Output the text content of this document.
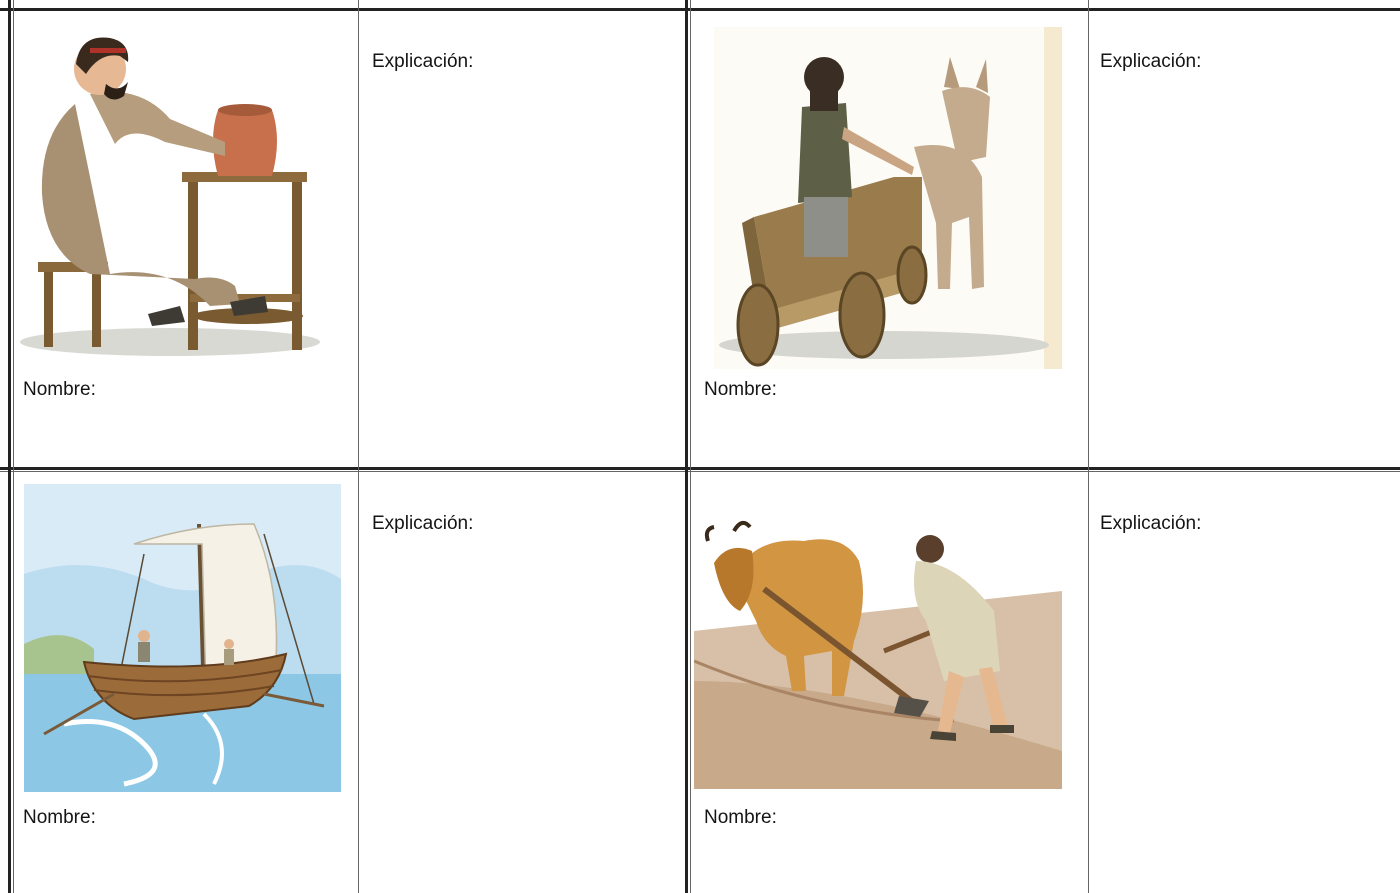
Nombre:
Explicación:
Nombre:
Explicación:
Nombre:
Explicación:
Nombre:
Explicación:
